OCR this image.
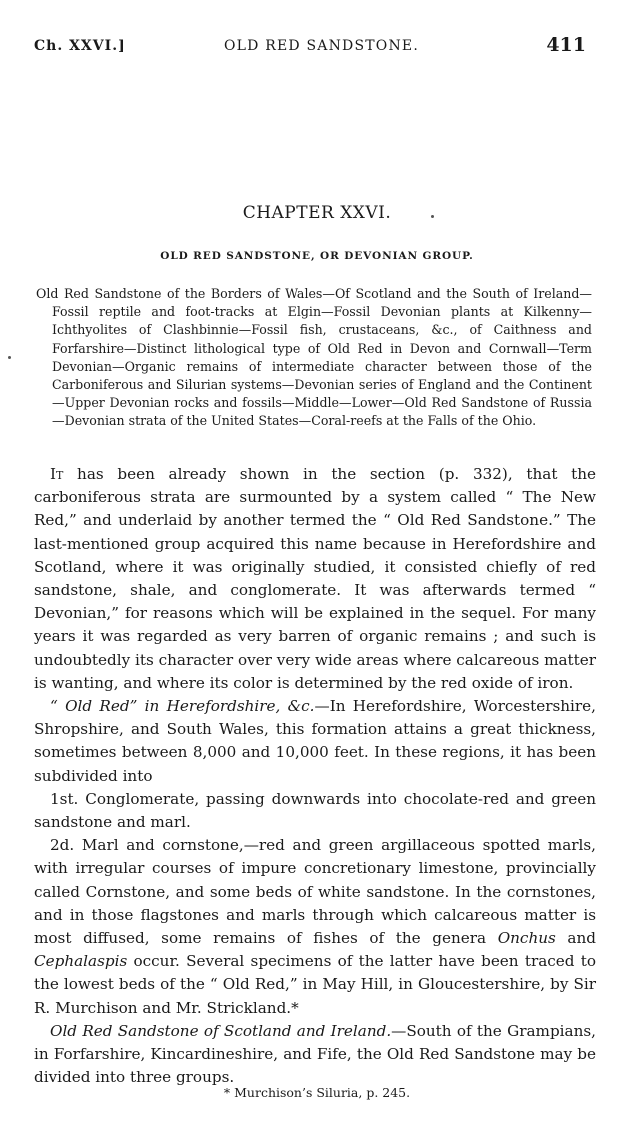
Ch. XXVI.]	OLD RED SANDSTONE.	411
CHAPTER XXVI.
OLD RED SANDSTONE, OR DEVONIAN GROUP.

Old Red Sandstone of the Borders of Wales—Of Scotland and the South of Ireland—Fossil reptile and foot-tracks at Elgin—Fossil Devonian plants at Kilkenny—Ichthyolites of Clashbinnie—Fossil fish, crustaceans, &c., of Caithness and Forfarshire—Distinct lithological type of Old Red in Devon and Cornwall—Term Devonian—Organic remains of intermediate character between those of the Carboniferous and Silurian systems—Devonian series of England and the Continent—Upper Devonian rocks and fossils—Middle—Lower—Old Red Sandstone of Russia—Devonian strata of the United States—Coral-reefs at the Falls of the Ohio.

It has been already shown in the section (p. 332), that the carboniferous strata are surmounted by a system called “ The New Red,” and underlaid by another termed the “ Old Red Sandstone.” The last-mentioned group acquired this name because in Herefordshire and Scotland, where it was originally studied, it consisted chiefly of red sandstone, shale, and conglomerate. It was afterwards termed “ Devonian,” for reasons which will be explained in the sequel. For many years it was regarded as very barren of organic remains ; and such is undoubtedly its character over very wide areas where calcareous matter is wanting, and where its color is determined by the red oxide of iron.

“ Old Red” in Herefordshire, &c.—In Herefordshire, Worcestershire, Shropshire, and South Wales, this formation attains a great thickness, sometimes between 8,000 and 10,000 feet. In these regions, it has been subdivided into

1st. Conglomerate, passing downwards into chocolate-red and green sandstone and marl.

2d. Marl and cornstone,—red and green argillaceous spotted marls, with irregular courses of impure concretionary limestone, provincially called Cornstone, and some beds of white sandstone. In the cornstones, and in those flagstones and marls through which calcareous matter is most diffused, some remains of fishes of the genera Onchus and Cephalaspis occur. Several specimens of the latter have been traced to the lowest beds of the “ Old Red,” in May Hill, in Gloucestershire, by Sir R. Murchison and Mr. Strickland.*

Old Red Sandstone of Scotland and Ireland.—South of the Grampians, in Forfarshire, Kincardineshire, and Fife, the Old Red Sandstone may be divided into three groups.

* Murchison’s Siluria, p. 245.
